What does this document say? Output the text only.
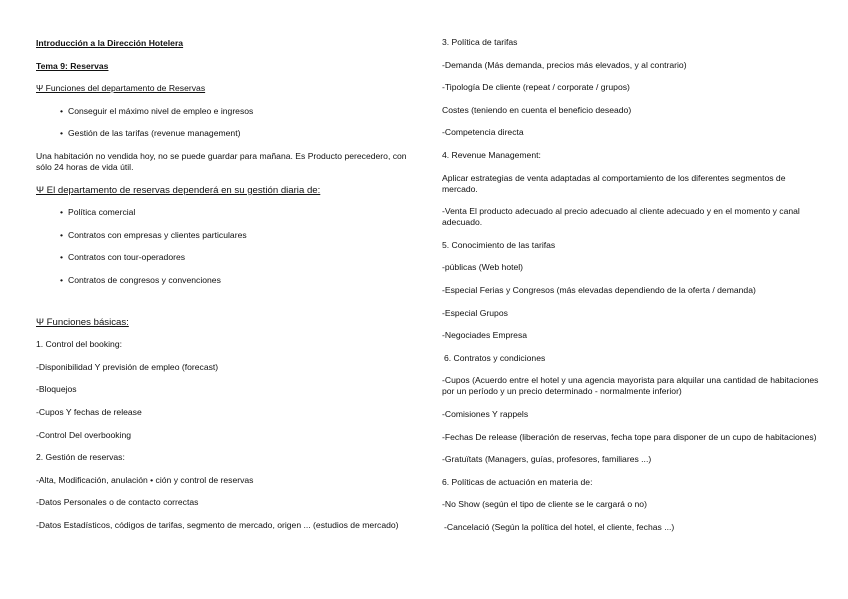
Introducción a la Dirección Hotelera

Tema 9: Reservas

Ψ Funciones del departamento de Reservas

• Conseguir el máximo nivel de empleo e ingresos

• Gestión de las tarifas (revenue management)

Una habitación no vendida hoy, no se puede guardar para mañana. Es Producto perecedero, con sólo 24 horas de vida útil.

Ψ El departamento de reservas dependerá en su gestión diaria de:

• Política comercial

• Contratos con empresas y clientes particulares

• Contratos con tour-operadores

• Contratos de congresos y convenciones

Ψ Funciones básicas:

1. Control del booking:

-Disponibilidad Y previsión de empleo (forecast)

-Bloquejos

-Cupos Y fechas de release

-Control Del overbooking

2. Gestión de reservas:

-Alta, Modificación, anulación • ción y control de reservas

-Datos Personales o de contacto correctas

-Datos Estadísticos, códigos de tarifas, segmento de mercado, origen ... (estudios de mercado)

3. Política de tarifas

-Demanda (Más demanda, precios más elevados, y al contrario)

-Tipología De cliente (repeat / corporate / grupos)

Costes (teniendo en cuenta el beneficio deseado)

-Competencia directa

4. Revenue Management:

Aplicar estrategias de venta adaptadas al comportamiento de los diferentes segmentos de mercado.

-Venta El producto adecuado al precio adecuado al cliente adecuado y en el momento y canal adecuado.

5. Conocimiento de las tarifas

-públicas (Web hotel)

-Especial Ferias y Congresos (más elevadas dependiendo de la oferta / demanda)

-Especial Grupos

-Negociades Empresa

6. Contratos y condiciones

-Cupos (Acuerdo entre el hotel y una agencia mayorista para alquilar una cantidad de habitaciones por un período y un precio determinado - normalmente inferior)

-Comisiones Y rappels

-Fechas De release (liberación de reservas, fecha tope para disponer de un cupo de habitaciones)

-Gratuïtats (Managers, guías, profesores, familiares ...)

6. Políticas de actuación en materia de:

-No Show (según el tipo de cliente se le cargará o no)

-Cancelació (Según la política del hotel, el cliente, fechas ...)
